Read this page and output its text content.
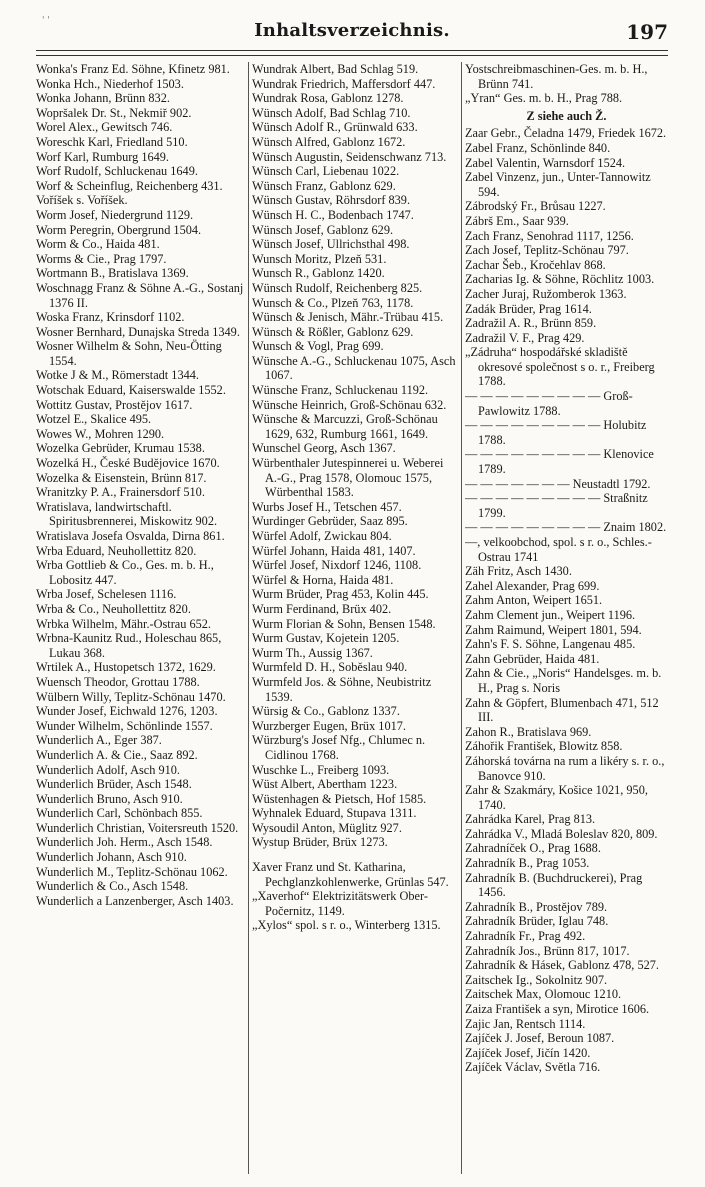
' '	Inhaltsverzeichnis.	197

Wonka's Franz Ed. Söhne, Kfinetz 981.

Wonka Hch., Niederhof 1503.

Wonka Johann, Brünn 832.

Wopršalek Dr. St., Nekmiř 902.

Worel Alex., Gewitsch 746.

Woreschk Karl, Friedland 510.

Worf Karl, Rumburg 1649.

Worf Rudolf, Schluckenau 1649.

Worf & Scheinflug, Reichenberg 431.

Voříšek s. Voříšek.

Worm Josef, Niedergrund 1129.

Worm Peregrin, Obergrund 1504.

Worm & Co., Haida 481.

Worms & Cie., Prag 1797.

Wortmann B., Bratislava 1369.

Woschnagg Franz & Söhne A.-G., Sostanj 1376 II.

Woska Franz, Krinsdorf 1102.

Wosner Bernhard, Dunajska Streda 1349.

Wosner Wilhelm & Sohn, Neu-Ötting 1554.

Wotke J & M., Römerstadt 1344.

Wotschak Eduard, Kaiserswalde 1552.

Wottitz Gustav, Prostějov 1617.

Wotzel E., Skalice 495.

Wowes W., Mohren 1290.

Wozelka Gebrüder, Krumau 1538.

Wozelká H., České Budějovice 1670.

Wozelka & Eisenstein, Brünn 817.

Wranitzky P. A., Frainersdorf 510.

Wratislava, landwirtschaftl. Spiritusbrennerei, Miskowitz 902.

Wratislava Josefa Osvalda, Dirna 861.

Wrba Eduard, Neuhollettitz 820.

Wrba Gottlieb & Co., Ges. m. b. H., Lobositz 447.

Wrba Josef, Schelesen 1116.

Wrba & Co., Neuhollettitz 820.

Wrbka Wilhelm, Mähr.-Ostrau 652.

Wrbna-Kaunitz Rud., Holeschau 865, Lukau 368.

Wrtilek A., Hustopetsch 1372, 1629.

Wuensch Theodor, Grottau 1788.

Wülbern Willy, Teplitz-Schönau 1470.

Wunder Josef, Eichwald 1276, 1203.

Wunder Wilhelm, Schönlinde 1557.

Wunderlich A., Eger 387.

Wunderlich A. & Cie., Saaz 892.

Wunderlich Adolf, Asch 910.

Wunderlich Brüder, Asch 1548.

Wunderlich Bruno, Asch 910.

Wunderlich Carl, Schönbach 855.

Wunderlich Christian, Voitersreuth 1520.

Wunderlich Joh. Herm., Asch 1548.

Wunderlich Johann, Asch 910.

Wunderlich M., Teplitz-Schönau 1062.

Wunderlich & Co., Asch 1548.

Wunderlich a Lanzenberger, Asch 1403.

Wundrak Albert, Bad Schlag 519.

Wundrak Friedrich, Maffersdorf 447.

Wundrak Rosa, Gablonz 1278.

Wünsch Adolf, Bad Schlag 710.

Wünsch Adolf R., Grünwald 633.

Wünsch Alfred, Gablonz 1672.

Wünsch Augustin, Seidenschwanz 713.

Wünsch Carl, Liebenau 1022.

Wünsch Franz, Gablonz 629.

Wünsch Gustav, Röhrsdorf 839.

Wünsch H. C., Bodenbach 1747.

Wünsch Josef, Gablonz 629.

Wünsch Josef, Ullrichsthal 498.

Wunsch Moritz, Plzeň 531.

Wunsch R., Gablonz 1420.

Wünsch Rudolf, Reichenberg 825.

Wunsch & Co., Plzeň 763, 1178.

Wünsch & Jenisch, Mähr.-Trübau 415.

Wünsch & Rößler, Gablonz 629.

Wunsch & Vogl, Prag 699.

Wünsche A.-G., Schluckenau 1075, Asch 1067.

Wünsche Franz, Schluckenau 1192.

Wünsche Heinrich, Groß-Schönau 632.

Wünsche & Marcuzzi, Groß-Schönau 1629, 632, Rumburg 1661, 1649.

Wunschel Georg, Asch 1367.

Würbenthaler Jutespinnerei u. Weberei A.-G., Prag 1578, Olomouc 1575, Würbenthal 1583.

Wurbs Josef H., Tetschen 457.

Wurdinger Gebrüder, Saaz 895.

Würfel Adolf, Zwickau 804.

Würfel Johann, Haida 481, 1407.

Würfel Josef, Nixdorf 1246, 1108.

Würfel & Horna, Haida 481.

Wurm Brüder, Prag 453, Kolin 445.

Wurm Ferdinand, Brüx 402.

Wurm Florian & Sohn, Bensen 1548.

Wurm Gustav, Kojetein 1205.

Wurm Th., Aussig 1367.

Wurmfeld D. H., Soběslau 940.

Wurmfeld Jos. & Söhne, Neubistritz 1539.

Würsig & Co., Gablonz 1337.

Wurzberger Eugen, Brüx 1017.

Würzburg's Josef Nfg., Chlumec n. Cidlinou 1768.

Wuschke L., Freiberg 1093.

Wüst Albert, Abertham 1223.

Wüstenhagen & Pietsch, Hof 1585.

Wyhnalek Eduard, Stupava 1311.

Wysoudil Anton, Müglitz 927.

Wystup Brüder, Brüx 1273.

Xaver Franz und St. Katharina, Pechglanzkohlenwerke, Grünlas 547.

„Xaverhof“ Elektrizitätswerk Ober-Počernitz, 1149.

„Xylos“ spol. s r. o., Winterberg 1315.

Yostschreibmaschinen-Ges. m. b. H., Brünn 741.

„Yran“ Ges. m. b. H., Prag 788.

Z siehe auch Ž.

Zaar Gebr., Čeladna 1479, Friedek 1672.

Zabel Franz, Schönlinde 840.

Zabel Valentin, Warnsdorf 1524.

Zabel Vinzenz, jun., Unter-Tannowitz 594.

Zábrodský Fr., Brůsau 1227.

Zábrš Em., Saar 939.

Zach Franz, Senohrad 1117, 1256.

Zach Josef, Teplitz-Schönau 797.

Zachar Šeb., Kročehlav 868.

Zacharias Ig. & Söhne, Röchlitz 1003.

Zacher Juraj, Ružomberok 1363.

Zadák Brüder, Prag 1614.

Zadražil A. R., Brünn 859.

Zadražil V. F., Prag 429.

„Zádruha“ hospodářské skladiště okresové společnost s o. r., Freiberg 1788.

— — — — — — — — — Groß-Pawlowitz 1788.

— — — — — — — — — Holubitz 1788.

— — — — — — — — — Klenovice 1789.

— — — — — — — Neustadtl 1792.

— — — — — — — — — Straßnitz 1799.

— — — — — — — — — Znaim 1802.

—, velkoobchod, spol. s r. o., Schles.-Ostrau 1741

Zäh Fritz, Asch 1430.

Zahel Alexander, Prag 699.

Zahm Anton, Weipert 1651.

Zahm Clement jun., Weipert 1196.

Zahm Raimund, Weipert 1801, 594.

Zahn's F. S. Söhne, Langenau 485.

Zahn Gebrüder, Haida 481.

Zahn & Cie., „Noris“ Handelsges. m. b. H., Prag s. Noris

Zahn & Göpfert, Blumenbach 471, 512 III.

Zahon R., Bratislava 969.

Záhořik František, Blowitz 858.

Záhorská továrna na rum a likéry s. r. o., Banovce 910.

Zahr & Szakmáry, Košice 1021, 950, 1740.

Zahrádka Karel, Prag 813.

Zahrádka V., Mladá Boleslav 820, 809.

Zahradníček O., Prag 1688.

Zahradník B., Prag 1053.

Zahradník B. (Buchdruckerei), Prag 1456.

Zahradník B., Prostějov 789.

Zahradník Brüder, Iglau 748.

Zahradník Fr., Prag 492.

Zahradník Jos., Brünn 817, 1017.

Zahradník & Hásek, Gablonz 478, 527.

Zaitschek Ig., Sokolnitz 907.

Zaitschek Max, Olomouc 1210.

Zaiza František a syn, Mirotice 1606.

Zajic Jan, Rentsch 1114.

Zajíček J. Josef, Beroun 1087.

Zajíček Josef, Jičín 1420.

Zajíček Václav, Světla 716.
